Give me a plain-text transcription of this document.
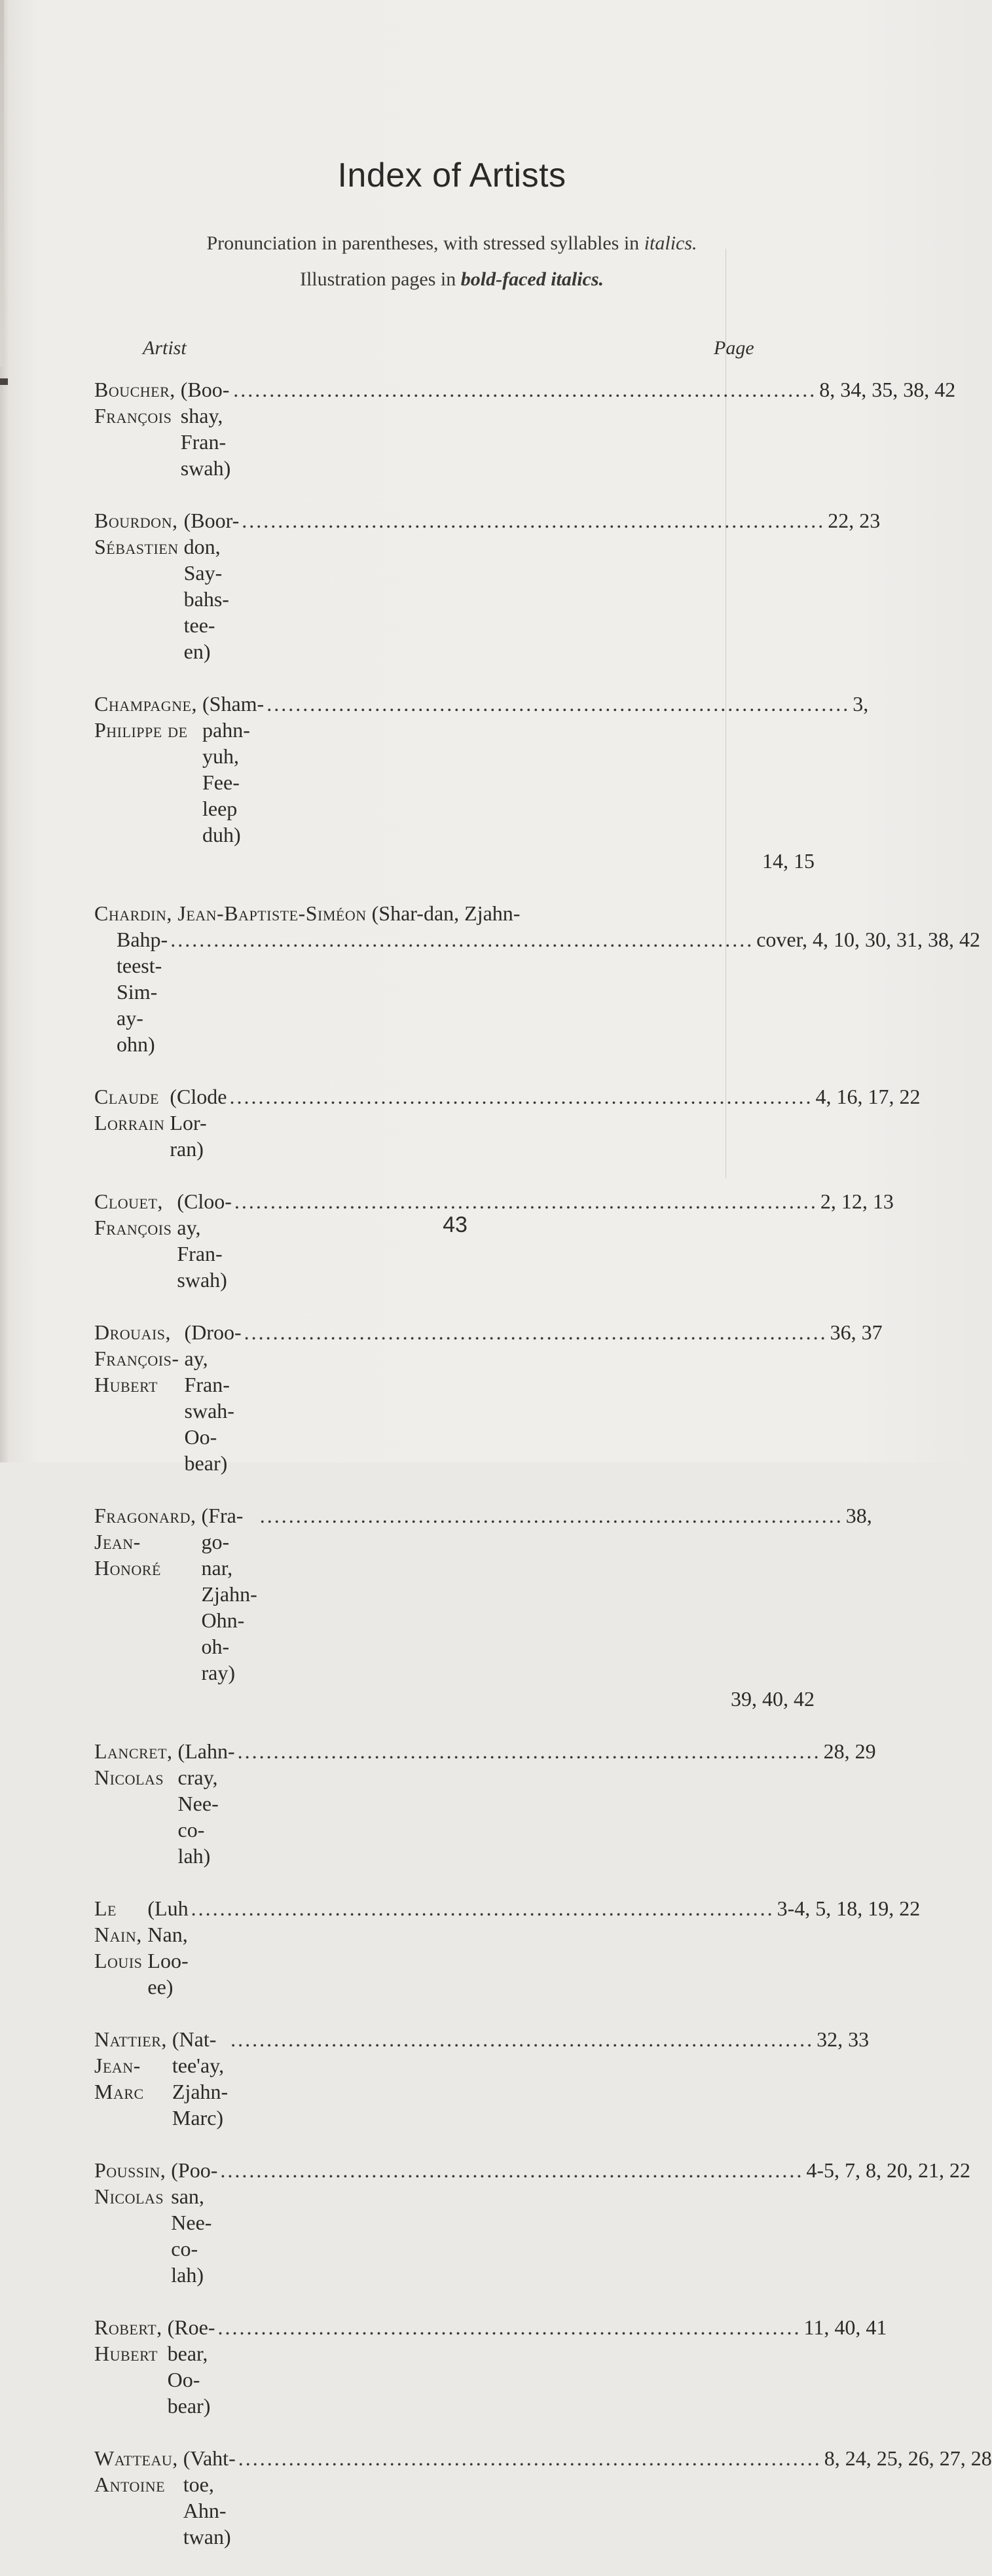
Index of Artists
Pronunciation in parentheses, with stressed syllables in italics.
Illustration pages in bold-faced italics.
Artist	Page
Boucher, François

(Boo-shay, Fran-swah)
................................................................................. 8, 34, 35, 38, 42
Bourdon, Sébastien

(Boor-don, Say-bahs-tee-en)
................................................................................. 22, 23
Champagne, Philippe de

(Sham-pahn-yuh, Fee-leep duh)
................................................................................. 3,
14, 15
Chardin, Jean-Baptiste-Siméon (Shar-dan, Zjahn-
Bahp-teest-Sim-ay-ohn)
................................................................................. cover, 4, 10, 30, 31, 38, 42
Claude Lorrain

(Clode Lor-ran)
................................................................................. 4, 16, 17, 22
Clouet, François

(Cloo-ay, Fran-swah)
................................................................................. 2, 12, 13
Drouais, François-Hubert

(Droo-ay, Fran-swah-Oo-bear)
................................................................................. 36, 37
Fragonard, Jean-Honoré

(Fra-go-nar, Zjahn-Ohn-oh-ray)
................................................................................. 38,
39, 40, 42
Lancret, Nicolas

(Lahn-cray, Nee-co-lah)
................................................................................. 28, 29
Le Nain, Louis

(Luh Nan, Loo-ee)
................................................................................. 3-4, 5, 18, 19, 22
Nattier, Jean-Marc

(Nat-tee'ay, Zjahn-Marc)
................................................................................. 32, 33
Poussin, Nicolas

(Poo-san, Nee-co-lah)
................................................................................. 4-5, 7, 8, 20, 21, 22
Robert, Hubert

(Roe-bear, Oo-bear)
................................................................................. 11, 40, 41
Watteau, Antoine

(Vaht-toe, Ahn-twan)
................................................................................. 8, 24, 25, 26, 27, 28
43
